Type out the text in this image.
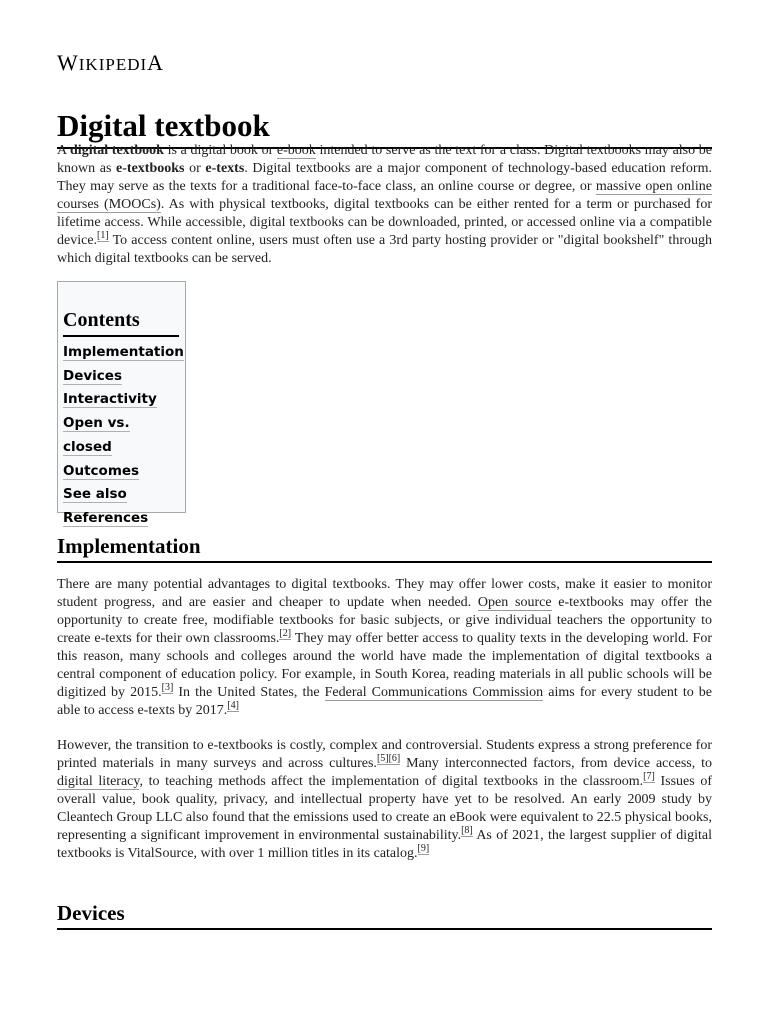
WIKIPEDIA
Digital textbook

A digital textbook is a digital book or e-book intended to serve as the text for a class. Digital textbooks may also be known as e-textbooks or e-texts. Digital textbooks are a major component of technology-based education reform. They may serve as the texts for a traditional face-to-face class, an online course or degree, or massive open online courses (MOOCs). As with physical textbooks, digital textbooks can be either rented for a term or purchased for lifetime access. While accessible, digital textbooks can be downloaded, printed, or accessed online via a compatible device.[1] To access content online, users must often use a 3rd party hosting provider or "digital bookshelf" through which digital textbooks can be served.

Contents
Implementation
Devices
Interactivity
Open vs. closed
Outcomes
See also
References
Implementation

There are many potential advantages to digital textbooks. They may offer lower costs, make it easier to monitor student progress, and are easier and cheaper to update when needed. Open source e-textbooks may offer the opportunity to create free, modifiable textbooks for basic subjects, or give individual teachers the opportunity to create e-texts for their own classrooms.[2] They may offer better access to quality texts in the developing world. For this reason, many schools and colleges around the world have made the implementation of digital textbooks a central component of education policy. For example, in South Korea, reading materials in all public schools will be digitized by 2015.[3] In the United States, the Federal Communications Commission aims for every student to be able to access e-texts by 2017.[4]

However, the transition to e-textbooks is costly, complex and controversial. Students express a strong preference for printed materials in many surveys and across cultures.[5][6] Many interconnected factors, from device access, to digital literacy, to teaching methods affect the implementation of digital textbooks in the classroom.[7] Issues of overall value, book quality, privacy, and intellectual property have yet to be resolved. An early 2009 study by Cleantech Group LLC also found that the emissions used to create an eBook were equivalent to 22.5 physical books, representing a significant improvement in environmental sustainability.[8] As of 2021, the largest supplier of digital textbooks is VitalSource, with over 1 million titles in its catalog.[9]

Devices
